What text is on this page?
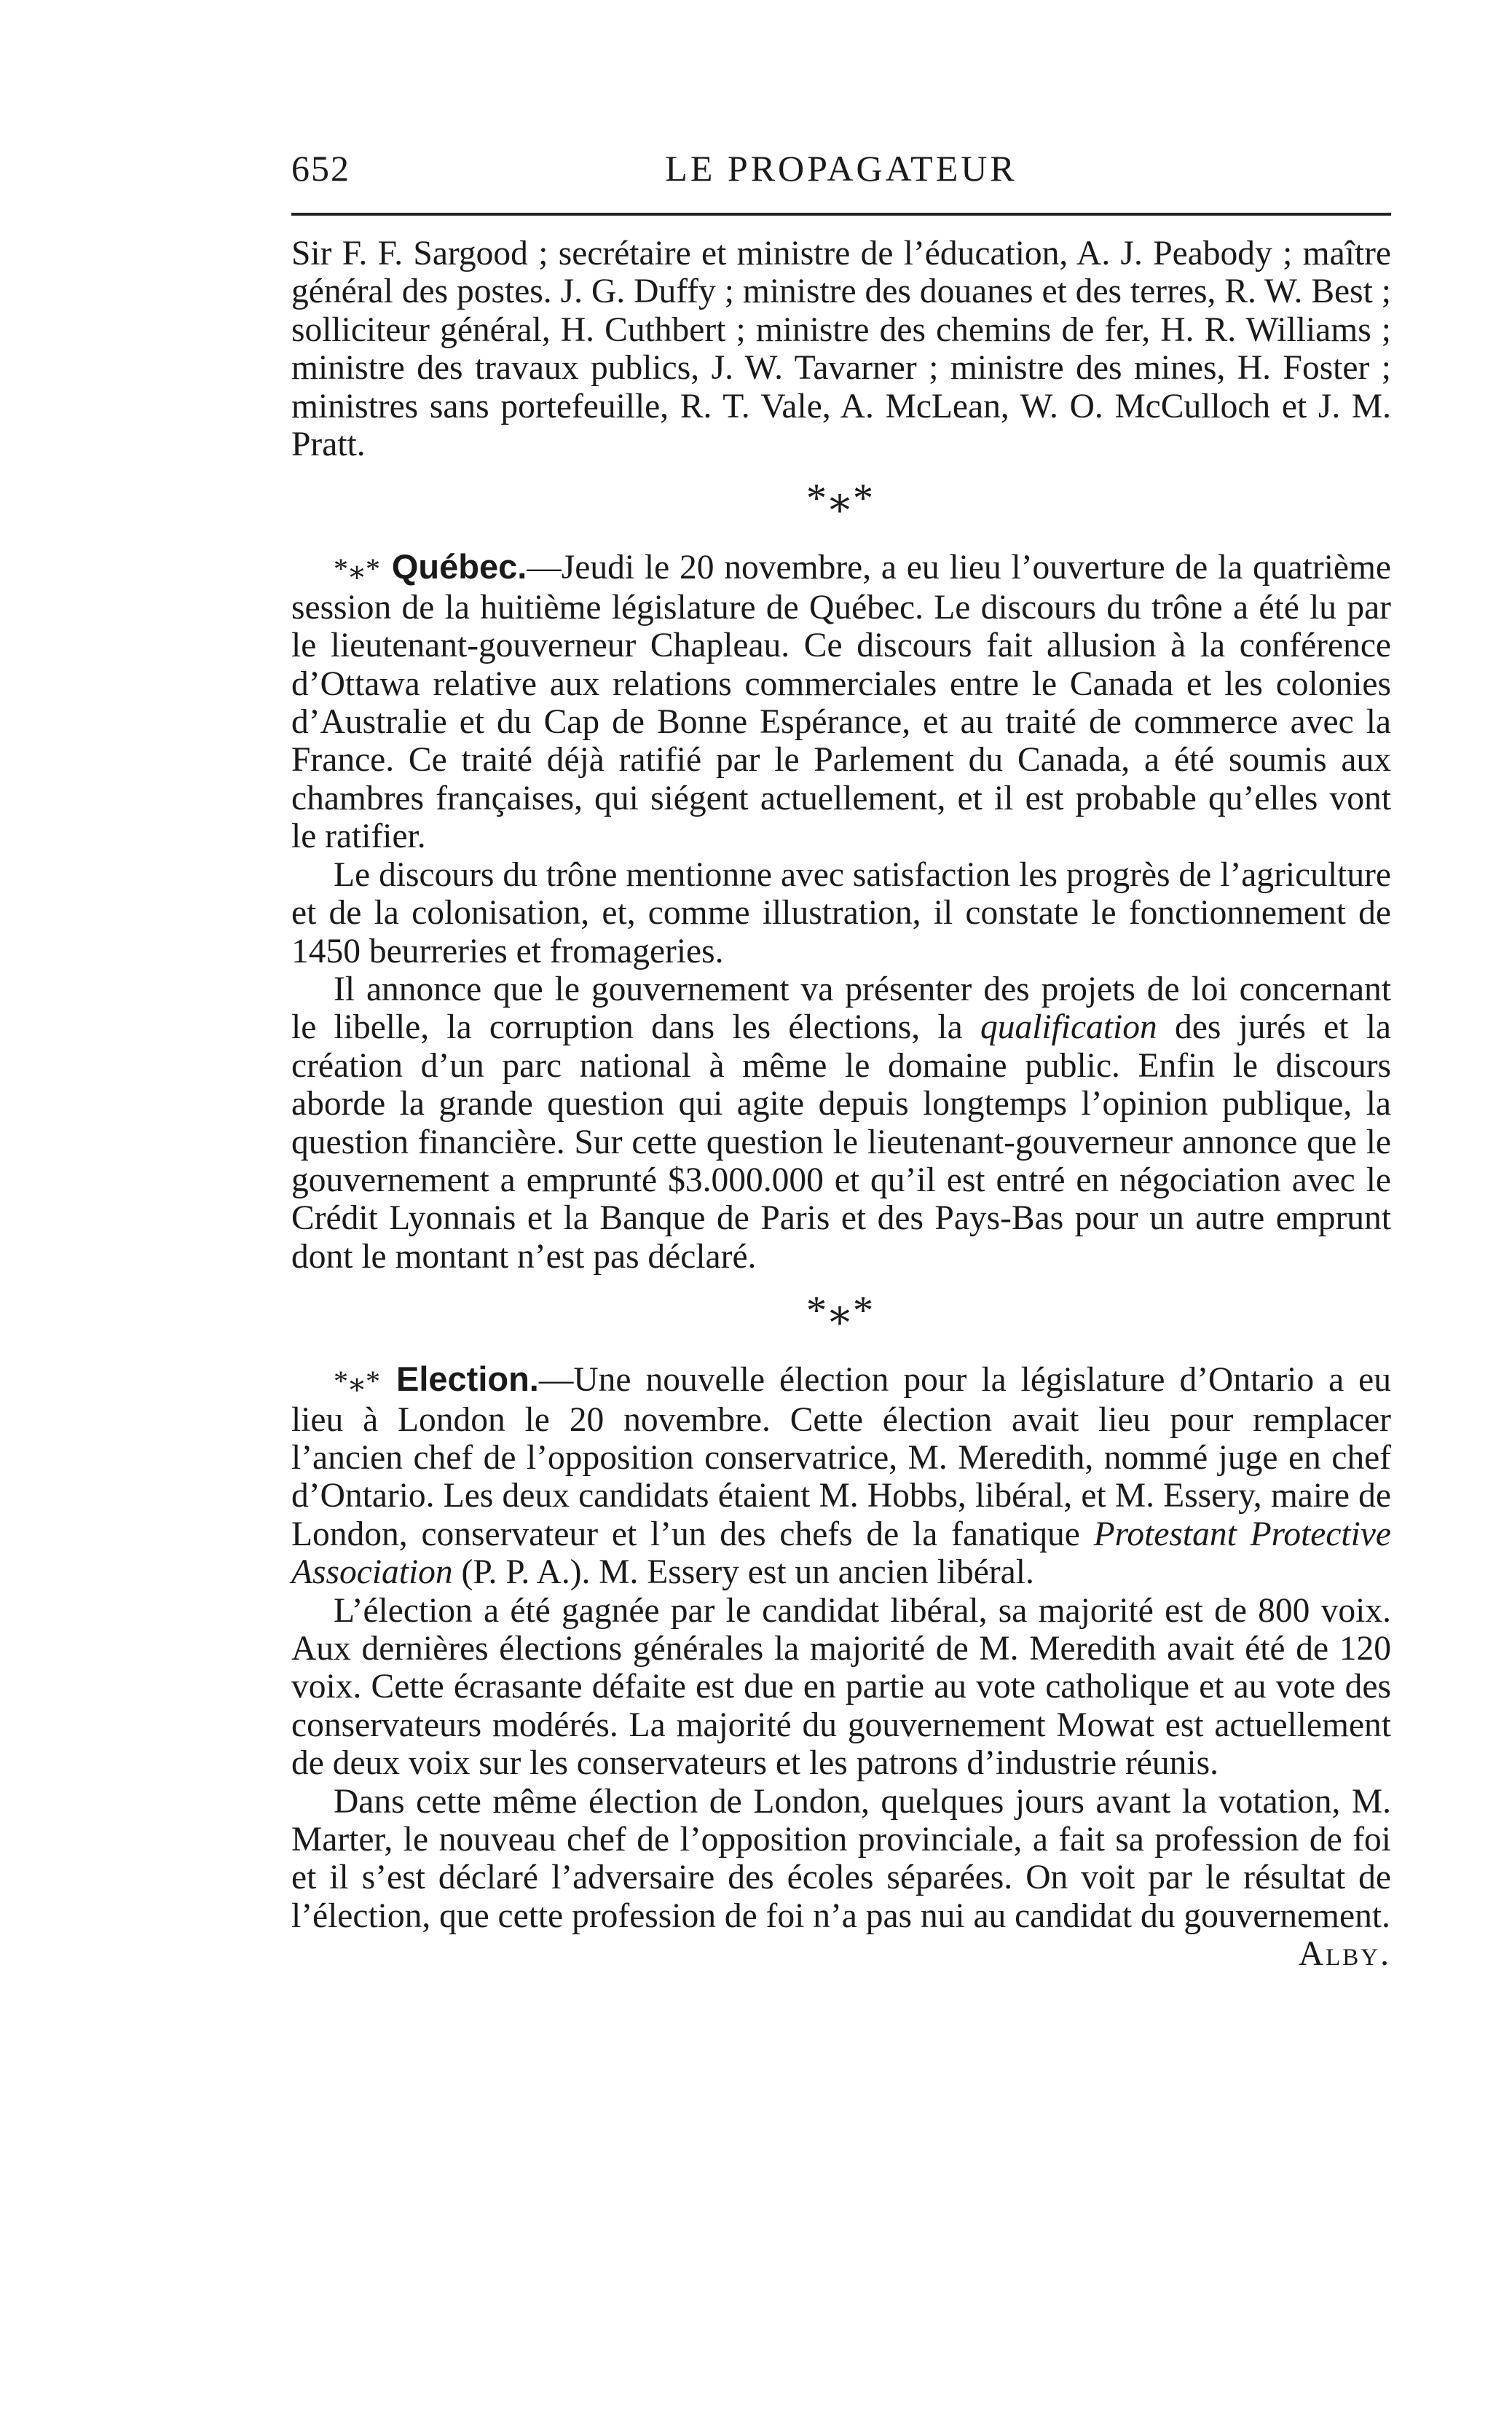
652	LE PROPAGATEUR

Sir F. F. Sargood ; secrétaire et ministre de l’éducation, A. J. Peabody ; maître général des postes. J. G. Duffy ; ministre des douanes et des terres, R. W. Best ; solliciteur général, H. Cuthbert ; ministre des chemins de fer, H. R. Williams ; ministre des travaux publics, J. W. Tavarner ; ministre des mines, H. Foster ; ministres sans portefeuille, R. T. Vale, A. McLean, W. O. McCulloch et J. M. Pratt.

*⁎*

*⁎* Québec.—Jeudi le 20 novembre, a eu lieu l’ouverture de la quatrième session de la huitième législature de Québec. Le discours du trône a été lu par le lieutenant-gouverneur Chapleau. Ce discours fait allusion à la conférence d’Ottawa relative aux relations commerciales entre le Canada et les colonies d’Australie et du Cap de Bonne Espérance, et au traité de commerce avec la France. Ce traité déjà ratifié par le Parlement du Canada, a été soumis aux chambres françaises, qui siégent actuellement, et il est probable qu’elles vont le ratifier.

Le discours du trône mentionne avec satisfaction les progrès de l’agriculture et de la colonisation, et, comme illustration, il constate le fonctionnement de 1450 beurreries et fromageries.

Il annonce que le gouvernement va présenter des projets de loi concernant le libelle, la corruption dans les élections, la qualification des jurés et la création d’un parc national à même le domaine public. Enfin le discours aborde la grande question qui agite depuis longtemps l’opinion publique, la question financière. Sur cette question le lieutenant-gouverneur annonce que le gouvernement a emprunté $3.000.000 et qu’il est entré en négociation avec le Crédit Lyonnais et la Banque de Paris et des Pays-Bas pour un autre emprunt dont le montant n’est pas déclaré.

*⁎*

*⁎* Election.—Une nouvelle élection pour la législature d’Ontario a eu lieu à London le 20 novembre. Cette élection avait lieu pour remplacer l’ancien chef de l’opposition conservatrice, M. Meredith, nommé juge en chef d’Ontario. Les deux candidats étaient M. Hobbs, libéral, et M. Essery, maire de London, conservateur et l’un des chefs de la fanatique Protestant Protective Association (P. P. A.). M. Essery est un ancien libéral.

L’élection a été gagnée par le candidat libéral, sa majorité est de 800 voix. Aux dernières élections générales la majorité de M. Meredith avait été de 120 voix. Cette écrasante défaite est due en partie au vote catholique et au vote des conservateurs modérés. La majorité du gouvernement Mowat est actuellement de deux voix sur les conservateurs et les patrons d’industrie réunis.

Dans cette même élection de London, quelques jours avant la votation, M. Marter, le nouveau chef de l’opposition provinciale, a fait sa profession de foi et il s’est déclaré l’adversaire des écoles séparées. On voit par le résultat de l’élection, que cette profession de foi n’a pas nui au candidat du gouvernement.
Alby.
